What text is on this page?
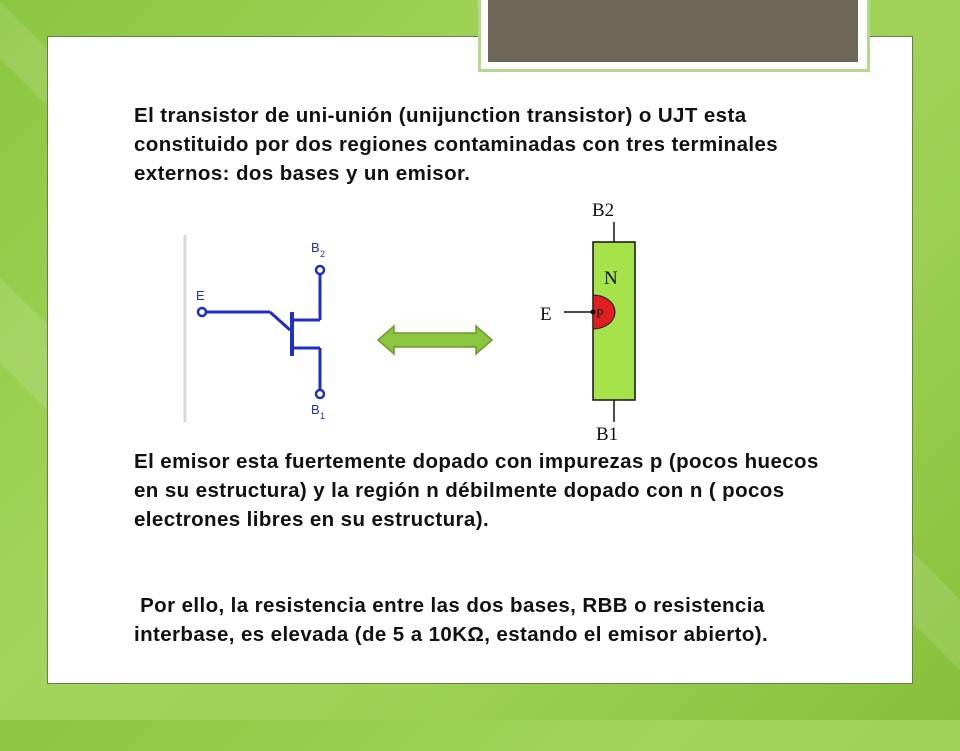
El transistor de uni-unión (unijunction transistor) o UJT esta constituido por dos regiones contaminadas con tres terminales externos: dos bases y un emisor.
E
B 2
B 1
B2
E
N
P
B1
El emisor esta fuertemente dopado con impurezas p (pocos huecos en su estructura) y la región n débilmente dopado con n ( pocos electrones libres en su estructura).
Por ello, la resistencia entre las dos bases, RBB o resistencia interbase, es elevada (de 5 a 10KΩ, estando el emisor abierto).
